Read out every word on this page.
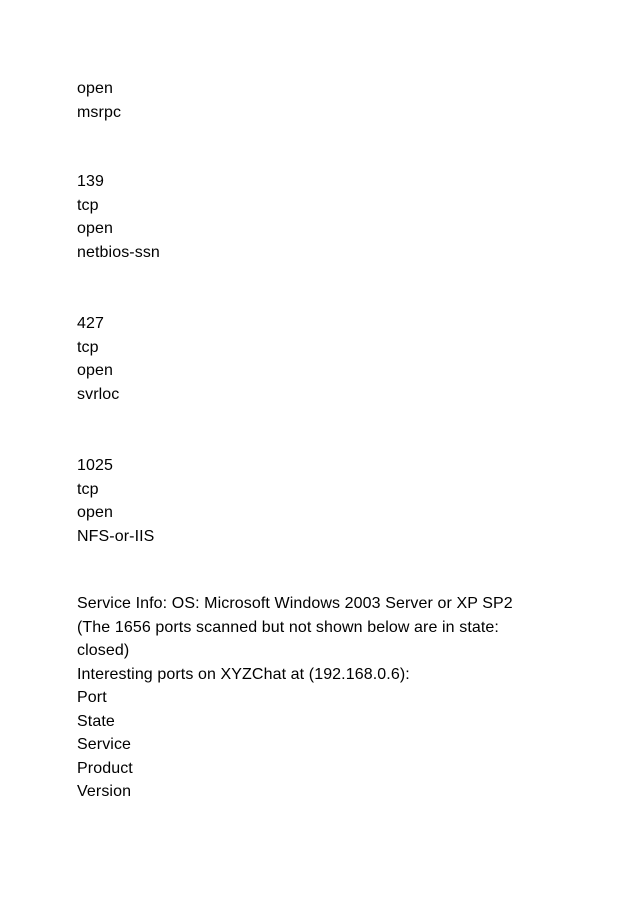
open
msrpc
139
tcp
open
netbios-ssn
427
tcp
open
svrloc
1025
tcp
open
NFS-or-IIS
Service Info: OS: Microsoft Windows 2003 Server or XP SP2
(The 1656 ports scanned but not shown below are in state:
closed)
Interesting ports on XYZChat at (192.168.0.6):
Port
State
Service
Product
Version
